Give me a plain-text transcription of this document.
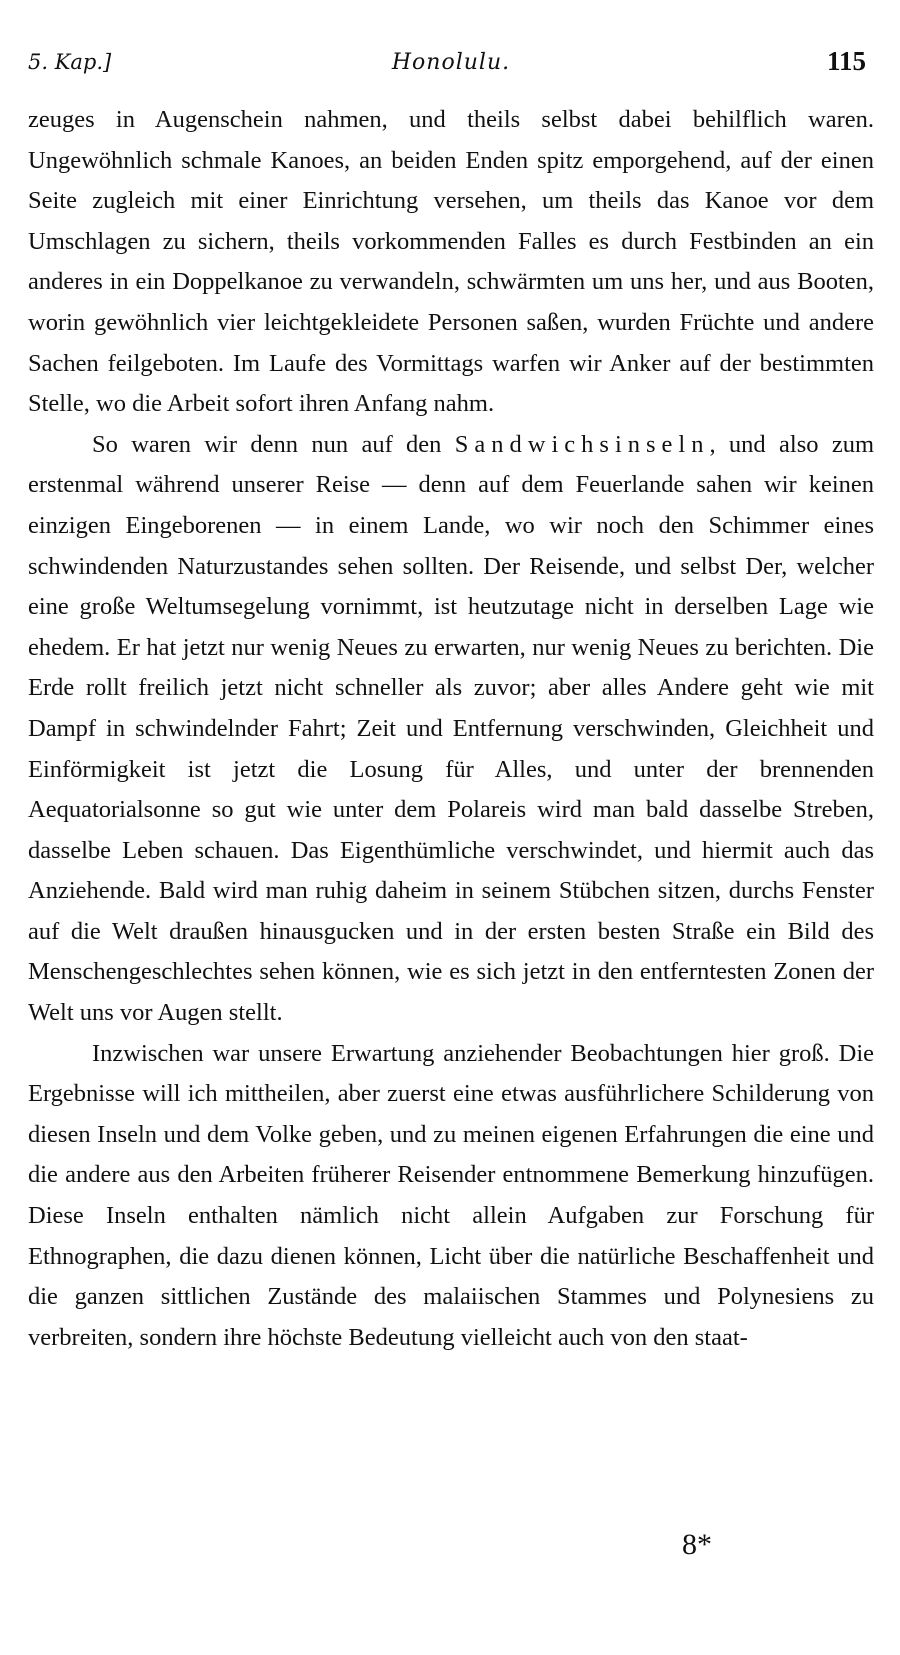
5. Kap.]	Honolulu.	115

zeuges in Augenschein nahmen, und theils selbst dabei behilflich waren. Ungewöhnlich schmale Kanoes, an beiden Enden spitz emporgehend, auf der einen Seite zugleich mit einer Einrichtung versehen, um theils das Kanoe vor dem Umschlagen zu sichern, theils vorkommenden Falles es durch Festbinden an ein anderes in ein Doppelkanoe zu verwandeln, schwärmten um uns her, und aus Booten, worin gewöhnlich vier leichtgekleidete Personen saßen, wurden Früchte und andere Sachen feilgeboten. Im Laufe des Vormittags warfen wir Anker auf der bestimmten Stelle, wo die Arbeit sofort ihren Anfang nahm.

So waren wir denn nun auf den Sandwichsinseln, und also zum erstenmal während unserer Reise — denn auf dem Feuerlande sahen wir keinen einzigen Eingeborenen — in einem Lande, wo wir noch den Schimmer eines schwindenden Naturzustandes sehen sollten. Der Reisende, und selbst Der, welcher eine große Weltumsegelung vornimmt, ist heutzutage nicht in derselben Lage wie ehedem. Er hat jetzt nur wenig Neues zu erwarten, nur wenig Neues zu berichten. Die Erde rollt freilich jetzt nicht schneller als zuvor; aber alles Andere geht wie mit Dampf in schwindelnder Fahrt; Zeit und Entfernung verschwinden, Gleichheit und Einförmigkeit ist jetzt die Losung für Alles, und unter der brennenden Aequatorialsonne so gut wie unter dem Polareis wird man bald dasselbe Streben, dasselbe Leben schauen. Das Eigenthümliche verschwindet, und hiermit auch das Anziehende. Bald wird man ruhig daheim in seinem Stübchen sitzen, durchs Fenster auf die Welt draußen hinausgucken und in der ersten besten Straße ein Bild des Menschengeschlechtes sehen können, wie es sich jetzt in den entferntesten Zonen der Welt uns vor Augen stellt.

Inzwischen war unsere Erwartung anziehender Beobachtungen hier groß. Die Ergebnisse will ich mittheilen, aber zuerst eine etwas ausführlichere Schilderung von diesen Inseln und dem Volke geben, und zu meinen eigenen Erfahrungen die eine und die andere aus den Arbeiten früherer Reisender entnommene Bemerkung hinzufügen. Diese Inseln enthalten nämlich nicht allein Aufgaben zur Forschung für Ethnographen, die dazu dienen können, Licht über die natürliche Beschaffenheit und die ganzen sittlichen Zustände des malaiischen Stammes und Polynesiens zu verbreiten, sondern ihre höchste Bedeutung vielleicht auch von den staat-

8*
